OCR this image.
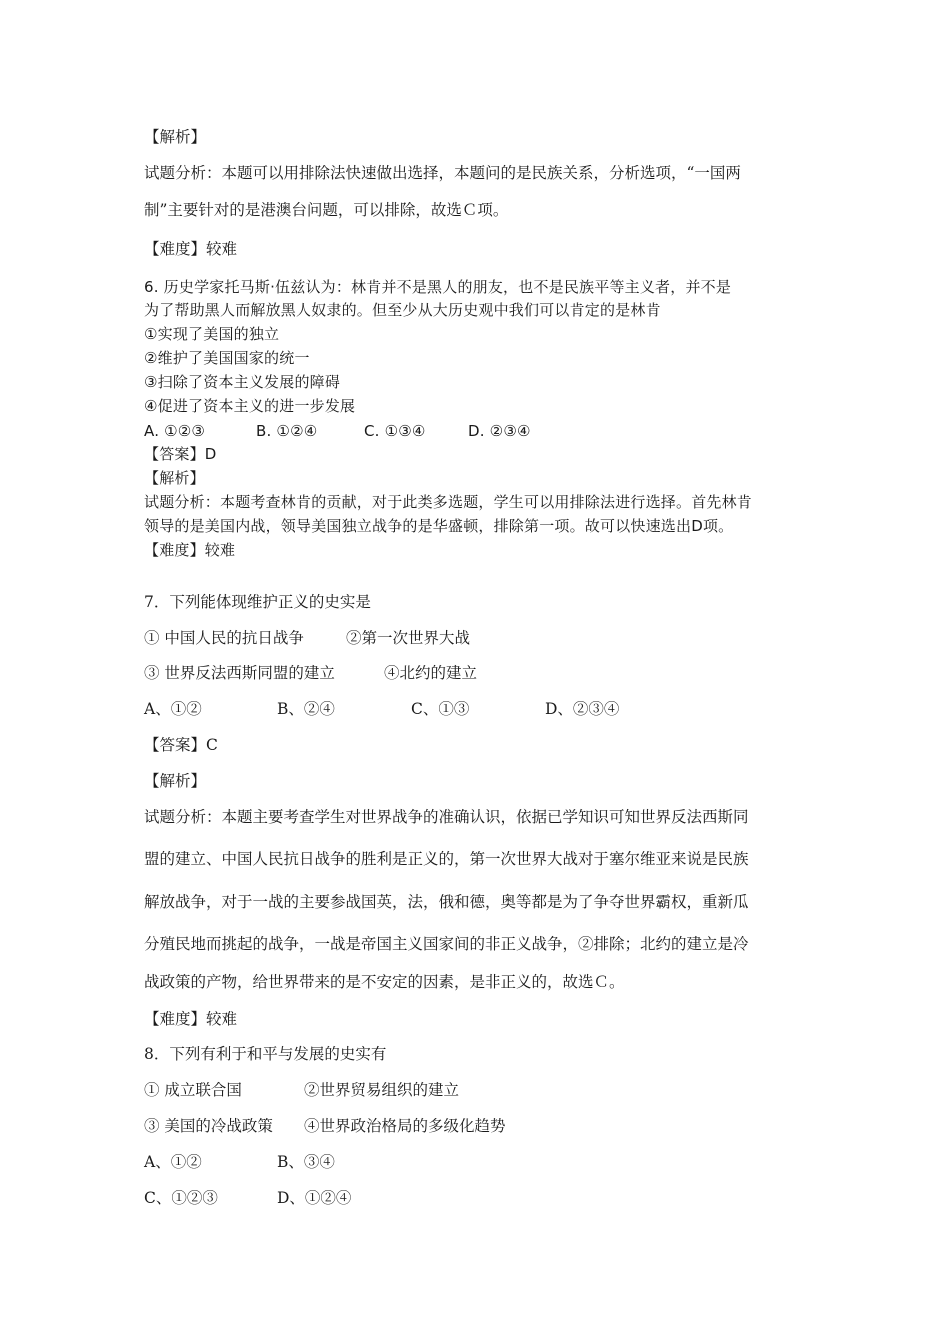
【解析】
试题分析：本题可以用排除法快速做出选择，本题问的是民族关系，分析选项，“一国两
制”主要针对的是港澳台问题，可以排除，故选Ｃ项。
【难度】较难
6. 历史学家托马斯·伍兹认为：林肯并不是黑人的朋友，也不是民族平等主义者，并不是
为了帮助黑人而解放黑人奴隶的。但至少从大历史观中我们可以肯定的是林肯
①实现了美国的独立
②维护了美国国家的统一
③扫除了资本主义发展的障碍
④促进了资本主义的进一步发展
A. ①②③	B. ①②④	C. ①③④	D. ②③④
【答案】D
【解析】
试题分析：本题考查林肯的贡献，对于此类多选题，学生可以用排除法进行选择。首先林肯
领导的是美国内战，领导美国独立战争的是华盛顿，排除第一项。故可以快速选出D项。
【难度】较难
7．下列能体现维护正义的史实是
① 中国人民的抗日战争	②第一次世界大战
③ 世界反法西斯同盟的建立	④北约的建立
A、①②	B、②④	C、①③	D、②③④
【答案】C
【解析】
试题分析：本题主要考查学生对世界战争的准确认识，依据已学知识可知世界反法西斯同
盟的建立、中国人民抗日战争的胜利是正义的，第一次世界大战对于塞尔维亚来说是民族
解放战争，对于一战的主要参战国英，法，俄和德，奥等都是为了争夺世界霸权，重新瓜
分殖民地而挑起的战争，一战是帝国主义国家间的非正义战争，②排除；北约的建立是冷
战政策的产物，给世界带来的是不安定的因素，是非正义的，故选Ｃ。
【难度】较难
8．下列有利于和平与发展的史实有
① 成立联合国	②世界贸易组织的建立
③ 美国的冷战政策 ④世界政治格局的多级化趋势
A、①②	B、③④
C、①②③	D、①②④
